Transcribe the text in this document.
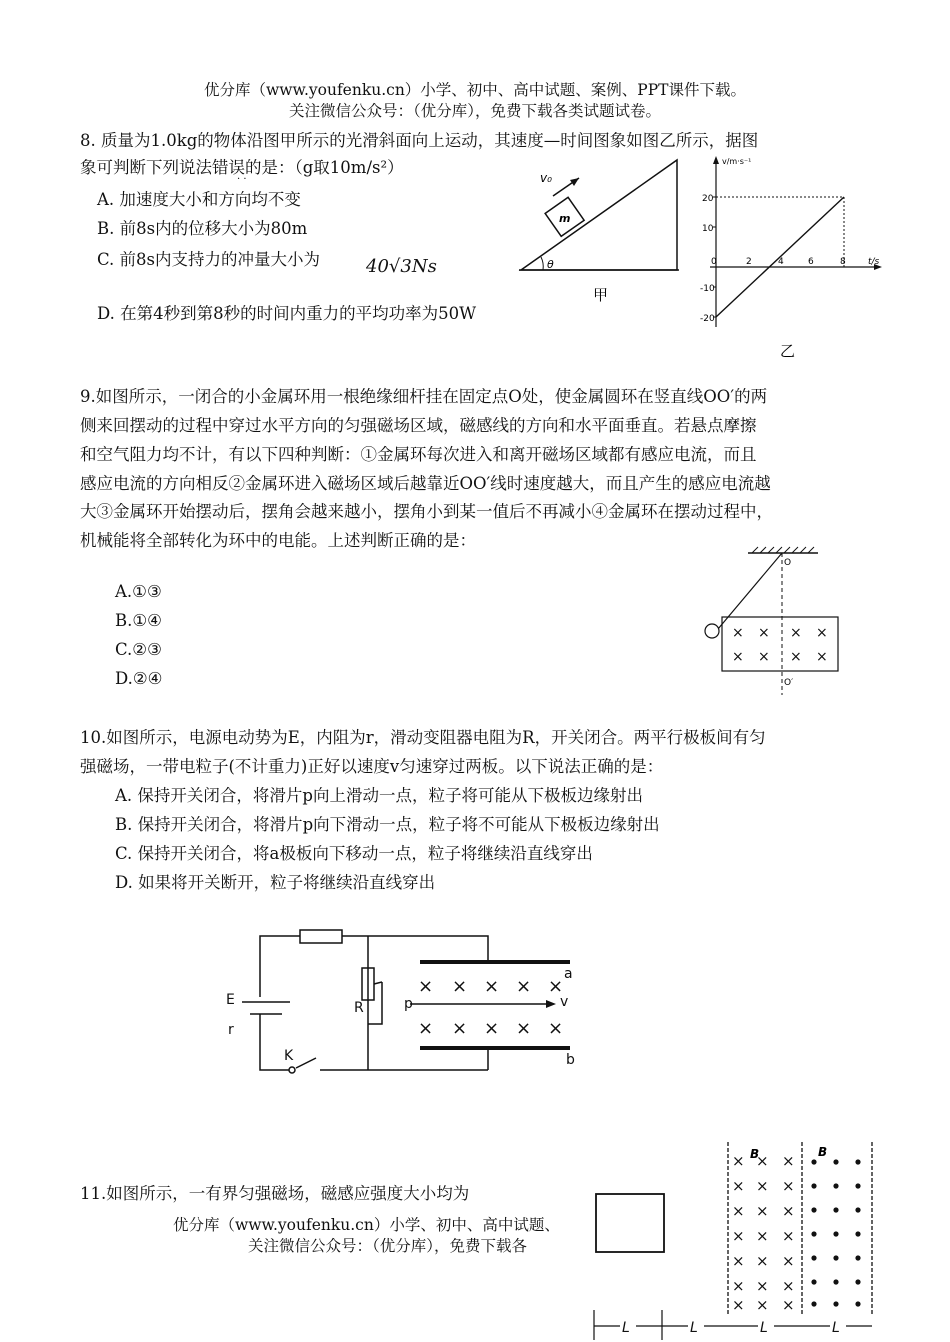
优分库（www.youfenku.cn）小学、初中、高中试题、案例、PPT课件下载。
关注微信公众号：（优分库），免费下载各类试题试卷。
8. 质量为1.0kg的物体沿图甲所示的光滑斜面向上运动，其速度—时间图象如图乙所示，据图
象可判断下列说法错误的是：（g取10m/s²）
· ·
A. 加速度大小和方向均不变
B. 前8s内的位移大小为80m
C. 前8s内支持力的冲量大小为	40√3Ns
D. 在第4秒到第8秒的时间内重力的平均功率为50W
v₀
m
θ
甲
v/m·s⁻¹
t/s
20
10
-10
-20
0	2	4	6	8
乙
9.如图所示，一闭合的小金属环用一根绝缘细杆挂在固定点O处，使金属圆环在竖直线OO′的两
侧来回摆动的过程中穿过水平方向的匀强磁场区域，磁感线的方向和水平面垂直。若悬点摩擦
和空气阻力均不计，有以下四种判断：①金属环每次进入和离开磁场区域都有感应电流，而且
感应电流的方向相反②金属环进入磁场区域后越靠近OO′线时速度越大，而且产生的感应电流越
大③金属环开始摆动后，摆角会越来越小，摆角小到某一值后不再减小④金属环在摆动过程中，
机械能将全部转化为环中的电能。上述判断正确的是：
A.①③
B.①④
C.②③
D.②④
O
× × × ×
× × × ×
O′
10.如图所示，电源电动势为E，内阻为r，滑动变阻器电阻为R，开关闭合。两平行极板间有匀
强磁场，一带电粒子(不计重力)正好以速度v匀速穿过两板。以下说法正确的是：
A. 保持开关闭合，将滑片p向上滑动一点，粒子将可能从下极板边缘射出
B. 保持开关闭合，将滑片p向下滑动一点，粒子将不可能从下极板边缘射出
C. 保持开关闭合，将a极板向下移动一点，粒子将继续沿直线穿出
D. 如果将开关断开，粒子将继续沿直线穿出
× × × × ×
× × × × ×
E
r
R	p	v
a
b
K
11.如图所示，一有界匀强磁场，磁感应强度大小均为
优分库（www.youfenku.cn）小学、初中、高中试题、
关注微信公众号：（优分库），免费下载各
× × ×
× × ×
× × ×
× × ×
× × ×
× × ×
× × ×
B	B
L	L	L	L
